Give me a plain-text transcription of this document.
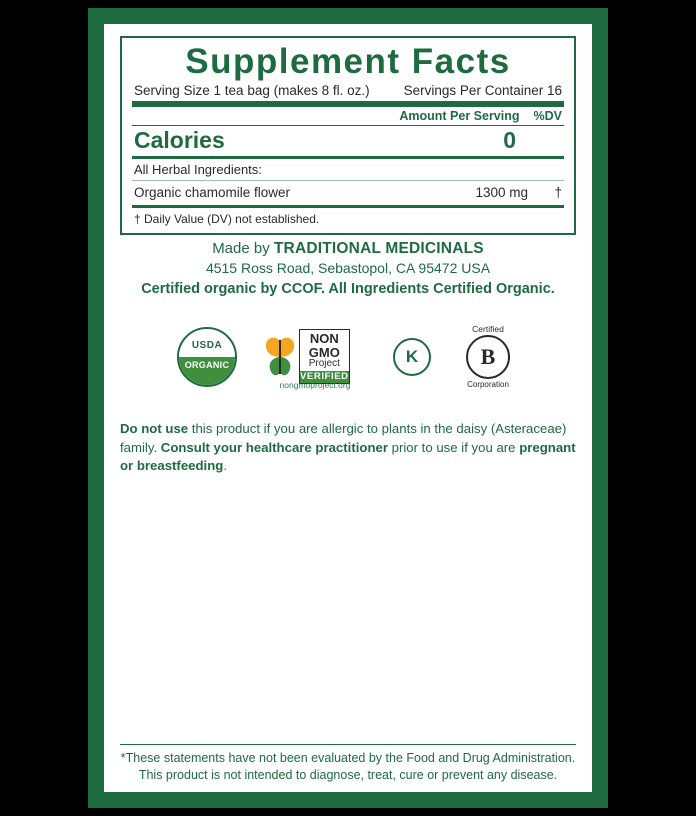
Supplement Facts
Serving Size 1 tea bag (makes 8 fl. oz.)	Servings Per Container 16
Amount Per Serving %DV
Calories	0
All Herbal Ingredients:
Organic chamomile flower	1300 mg	†
† Daily Value (DV) not established.
Made by TRADITIONAL MEDICINALS
4515 Ross Road, Sebastopol, CA 95472 USA
Certified organic by CCOF. All Ingredients Certified Organic.
USDA
ORGANIC
NON
GMO
Project
VERIFIED
nongmoproject.org
K
Certified
B
Corporation
Do not use this product if you are allergic to plants in the daisy (Asteraceae) family. Consult your healthcare practitioner prior to use if you are pregnant or breastfeeding.
*These statements have not been evaluated by the Food and Drug Administration.
This product is not intended to diagnose, treat, cure or prevent any disease.
